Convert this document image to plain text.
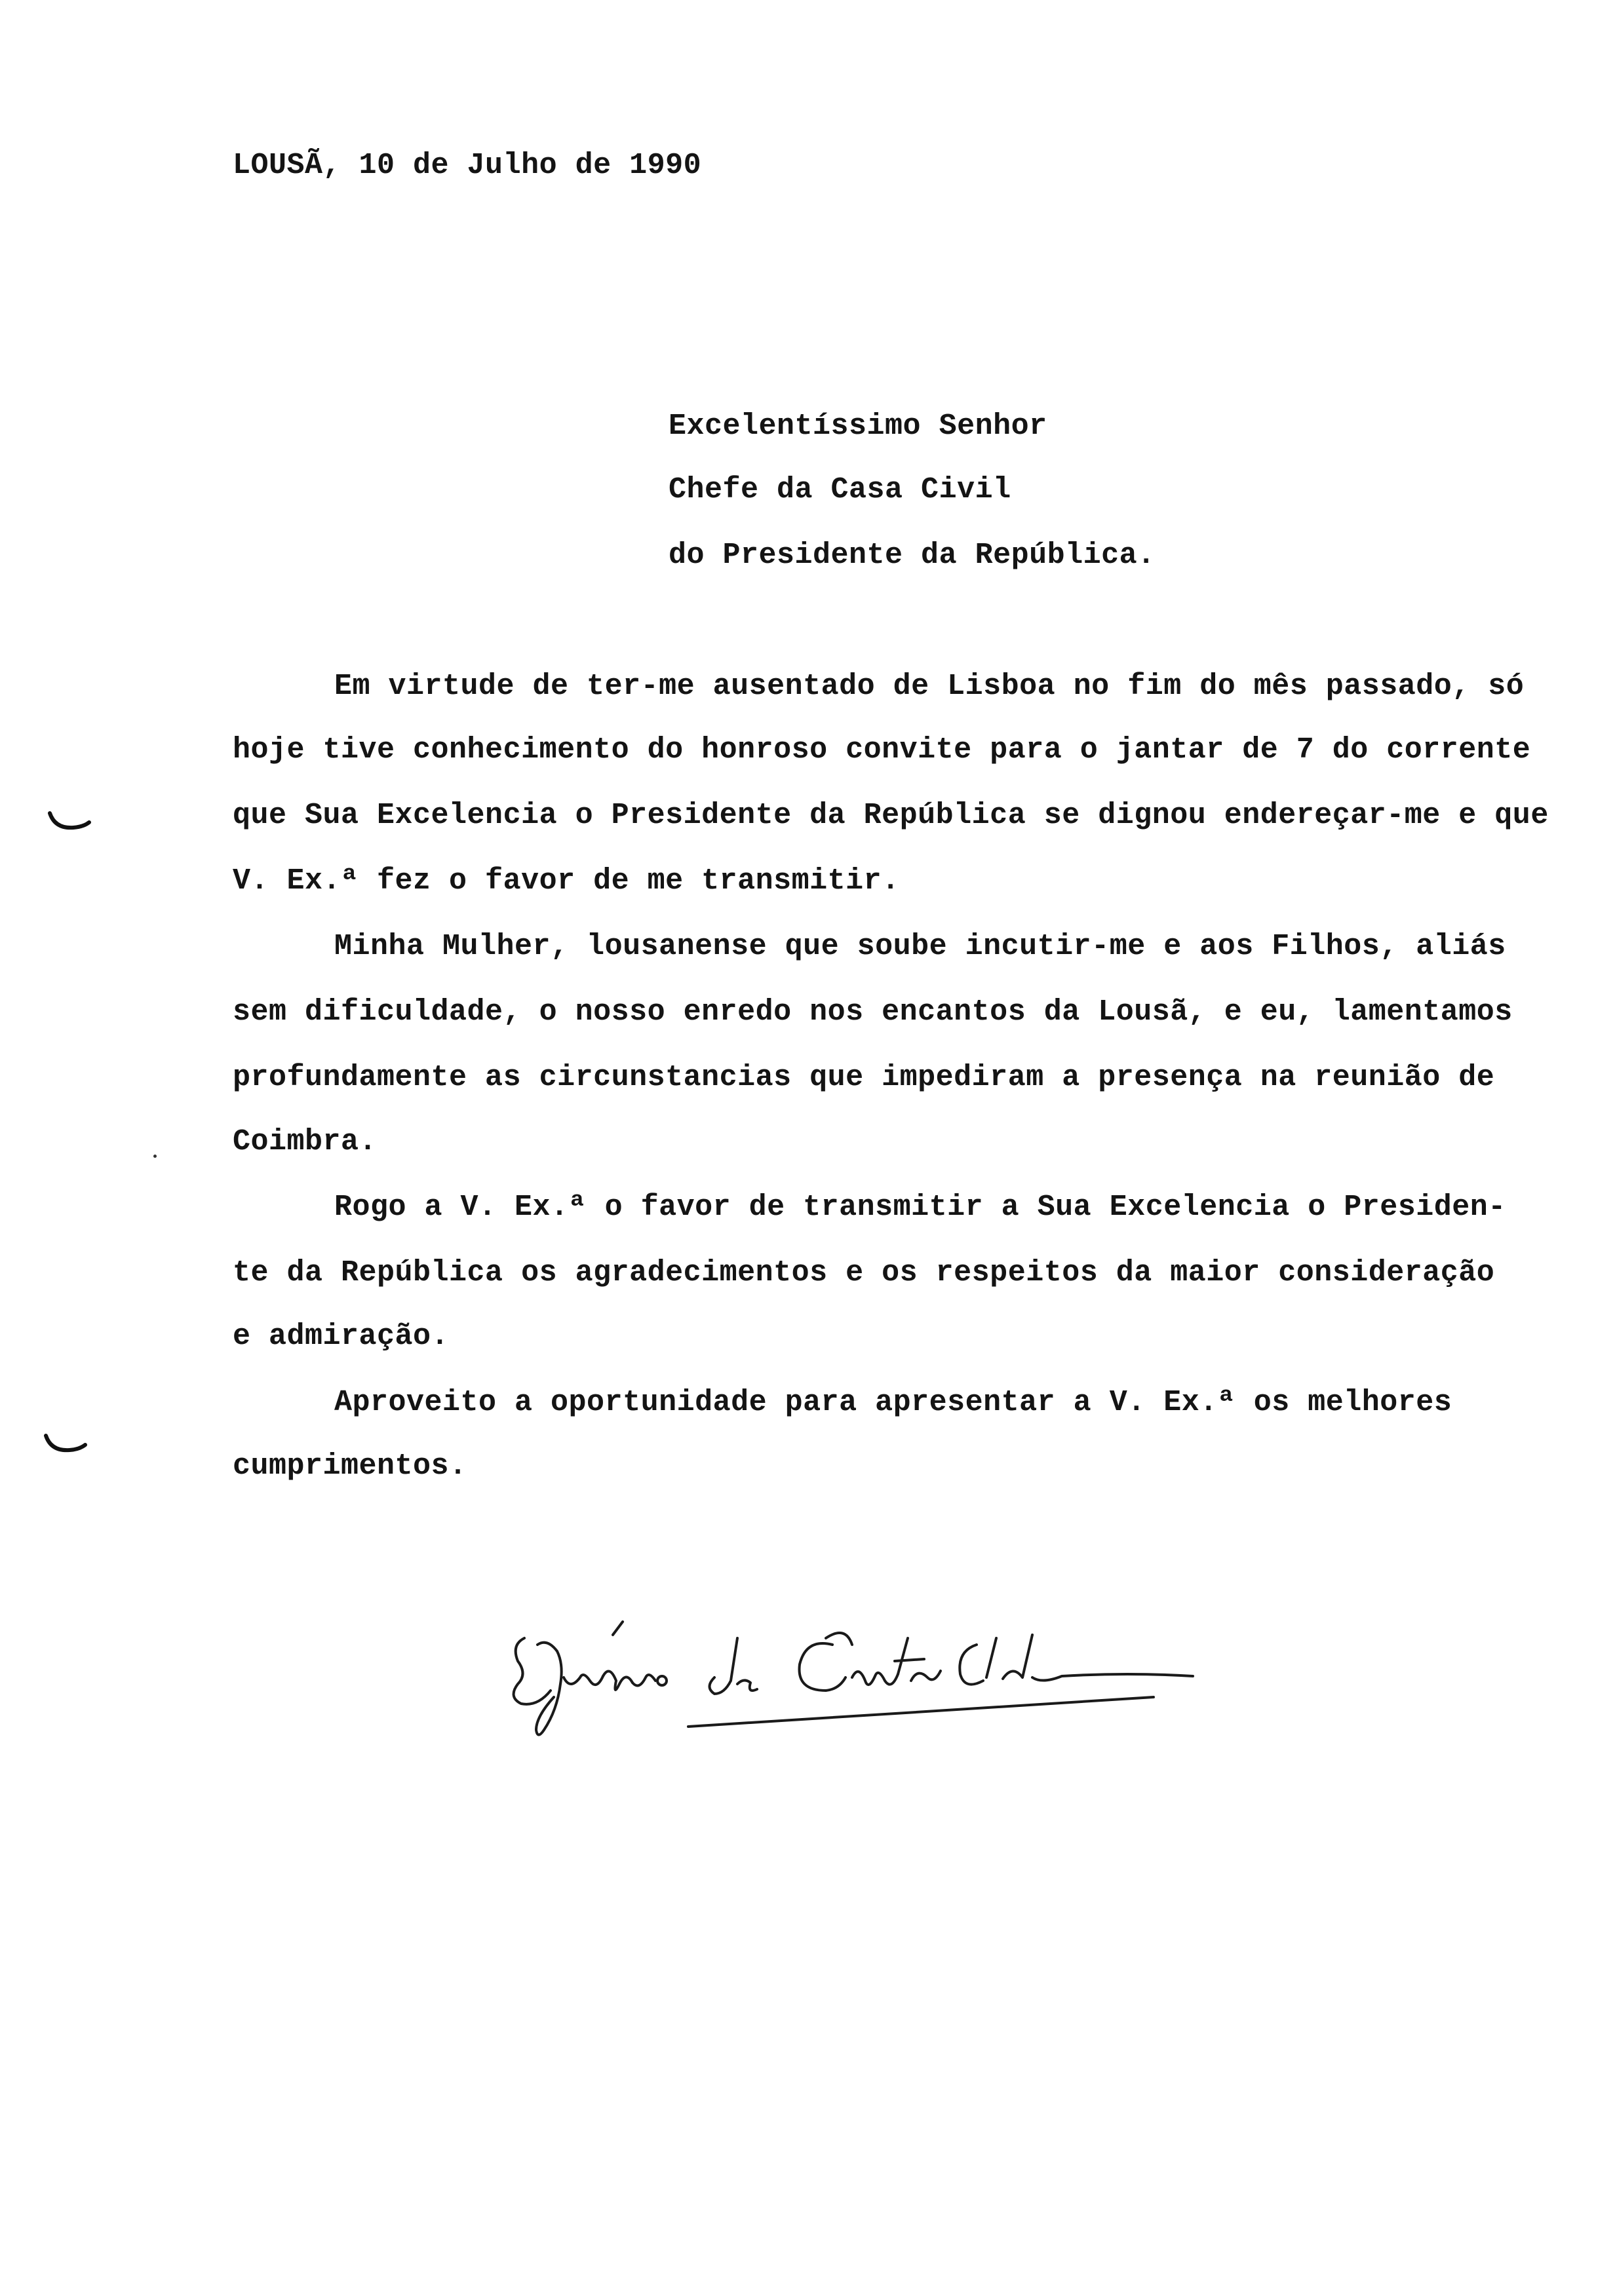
LOUSÃ, 10 de Julho de 1990
Excelentíssimo Senhor
Chefe da Casa Civil
do Presidente da República.
Em virtude de ter-me ausentado de Lisboa no fim do mês passado, só
hoje tive conhecimento do honroso convite para o jantar de 7 do corrente
que Sua Excelencia o Presidente da República se dignou endereçar-me e que
V. Ex.ª fez o favor de me transmitir.
Minha Mulher, lousanense que soube incutir-me e aos Filhos, aliás
sem dificuldade, o nosso enredo nos encantos da Lousã, e eu, lamentamos
profundamente as circunstancias que impediram a presença na reunião de
Coimbra.
Rogo a V. Ex.ª o favor de transmitir a Sua Excelencia o Presiden-
te da República os agradecimentos e os respeitos da maior consideração
e admiração.
Aproveito a oportunidade para apresentar a V. Ex.ª os melhores
cumprimentos.
